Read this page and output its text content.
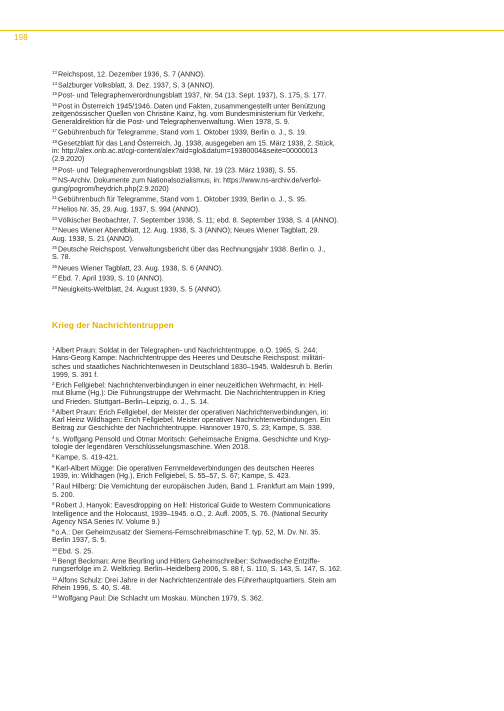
198
$^{13}$Reichspost, 12. Dezember 1936, S. 7 (ANNO).
$^{14}$Salzburger Volksblatt, 3. Dez. 1937, S. 3 (ANNO).
$^{15}$Post- und Telegraphenverordnungsblatt 1937, Nr. 54 (13. Sept. 1937), S. 175, S. 177.
$^{16}$Post in Österreich 1945/1946. Daten und Fakten, zusammengestellt unter Benützung
zeitgenössischer Quellen von Christine Kainz, hg. vom Bundesministerium für Verkehr,
Generaldirektion für die Post- und Telegraphenverwaltung. Wien 1978, S. 9.
$^{17}$Gebührenbuch für Telegramme, Stand vom 1. Oktober 1939, Berlin o. J., S. 19.
$^{18}$Gesetzblatt für das Land Österreich, Jg. 1938, ausgegeben am 15. März 1938, 2. Stück,
in: http://alex.onb.ac.at/cgi-content/alex?aid=glo&datum=19380004&seite=00000013
(2.9.2020)
$^{19}$Post- und Telegraphenverordnungsblatt 1938, Nr. 19 (23. März 1938), S. 55.
$^{20}$NS-Archiv. Dokumente zum Nationalsozialismus, in: https://www.ns-archiv.de/verfol-
gung/pogrom/heydrich.php(2.9.2020)
$^{21}$Gebührenbuch für Telegramme, Stand vom 1. Oktober 1939, Berlin o. J., S. 95.
$^{22}$Helios Nr. 35, 29. Aug. 1937, S. 994 (ANNO).
$^{23}$Völkischer Beobachter, 7. September 1938, S. 11; ebd. 8. September 1938, S. 4 (ANNO).
$^{24}$Neues Wiener Abendblatt, 12. Aug. 1938, S. 3 (ANNO); Neues Wiener Tagblatt, 29.
Aug. 1938, S. 21 (ANNO).
$^{25}$Deutsche Reichspost. Verwaltungsbericht über das Rechnungsjahr 1938. Berlin o. J.,
S. 78.
$^{26}$Neues Wiener Tagblatt, 23. Aug. 1938, S. 6 (ANNO).
$^{27}$Ebd. 7. April 1939, S. 10 (ANNO).
$^{28}$Neuigkeits-Weltblatt, 24. August 1939, S. 5 (ANNO).
Krieg der Nachrichtentruppen
$^1$Albert Praun: Soldat in der Telegraphen- und Nachrichtentruppe. o.O. 1965, S. 244;
Hans-Georg Kampe: Nachrichtentruppe des Heeres und Deutsche Reichspost: militäri-
sches und staatliches Nachrichtenwesen in Deutschland 1830–1945. Waldesruh b. Berlin
1999, S. 391 f.
$^2$Erich Fellgiebel: Nachrichtenverbindungen in einer neuzeitlichen Wehrmacht, in: Hell-
mut Blume (Hg.): Die Führungstruppe der Wehrmacht. Die Nachrichtentruppen in Krieg
und Frieden. Stuttgart–Berlin–Leipzig, o. J., S. 14.
$^3$Albert Praun: Erich Fellgiebel, der Meister der operativen Nachrichtenverbindungen, in:
Karl Heinz Wildhagen: Erich Fellgiebel. Meister operativer Nachrichtenverbindungen. Ein
Beitrag zur Geschichte der Nachrichtentruppe. Hannover 1970, S. 23; Kampe, S. 338.
$^4$s. Wolfgang Pensold und Otmar Moritsch: Geheimsache Enigma. Geschichte und Kryp-
tologie der legendären Verschlüsselungsmaschine. Wien 2018.
$^5$Kampe, S. 419-421.
$^6$Karl-Albert Mügge: Die operativen Fernmeldeverbindungen des deutschen Heeres
1939, in: Wildhagen (Hg.), Erich Fellgiebel, S. 55–57, S. 67; Kampe, S. 423.
$^7$Raul Hilberg: Die Vernichtung der europäischen Juden, Band 1. Frankfurt am Main 1999,
S. 200.
$^8$Robert J. Hanyok: Eavesdropping on Hell: Historical Guide to Western Communications
Intelligence and the Holocaust, 1939–1945. o.O., 2. Aufl. 2005, S. 76. (National Security
Agency NSA Series IV. Volume 9.)
$^9$o.A.: Der Geheimzusatz der Siemens-Fernschreibmaschine T. typ. 52, M. Dv. Nr. 35.
Berlin 1937, S. 5.
$^{10}$Ebd. S. 25.
$^{11}$Bengt Beckman: Arne Beurling und Hitlers Geheimschreiber: Schwedische Entziffe-
rungserfolge im 2. Weltkrieg. Berlin–Heidelberg 2006, S. 88 f, S. 110, S. 143, S. 147, S. 162.
$^{12}$Alfons Schulz: Drei Jahre in der Nachrichtenzentrale des Führerhauptquartiers. Stein am
Rhein 1996, S. 40, S. 48.
$^{13}$Wolfgang Paul: Die Schlacht um Moskau. München 1979, S. 362.
